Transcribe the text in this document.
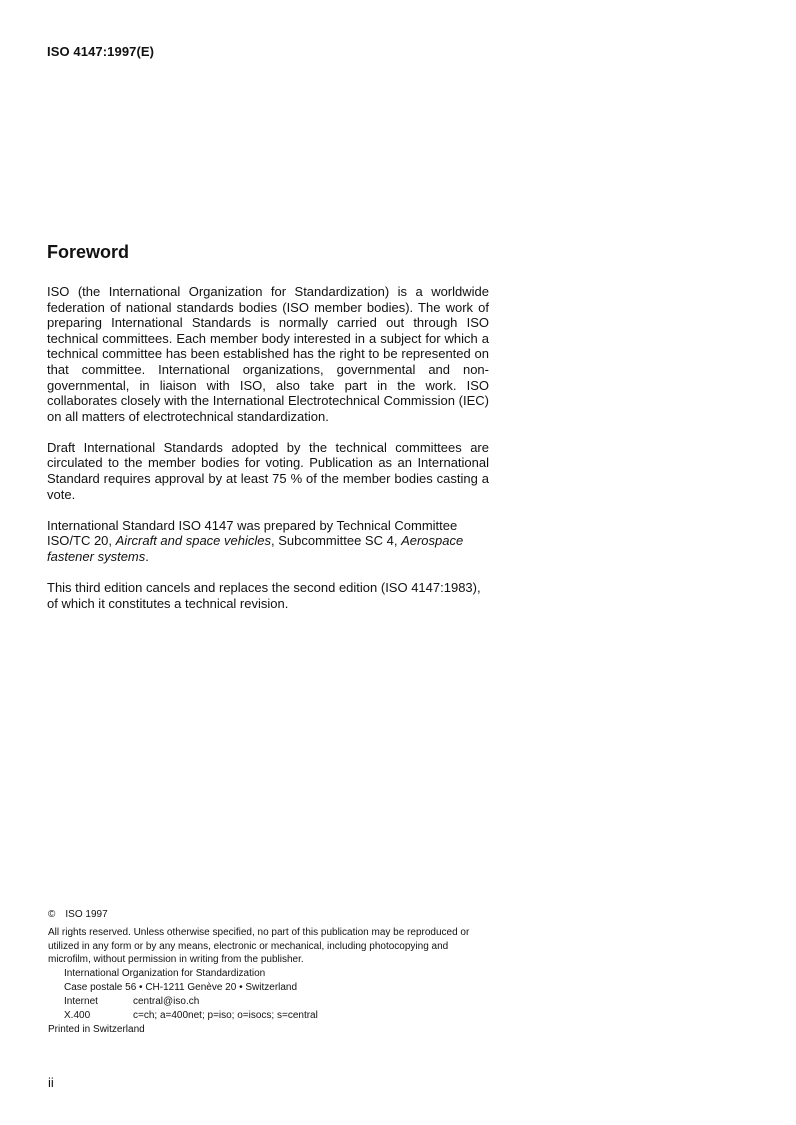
ISO 4147:1997(E)
Foreword

ISO (the International Organization for Standardization) is a worldwide federation of national standards bodies (ISO member bodies). The work of preparing International Standards is normally carried out through ISO technical committees. Each member body interested in a subject for which a technical committee has been established has the right to be represented on that committee. International organizations, governmental and non-governmental, in liaison with ISO, also take part in the work. ISO collaborates closely with the International Electrotechnical Commission (IEC) on all matters of electrotechnical standardization.

Draft International Standards adopted by the technical committees are circulated to the member bodies for voting. Publication as an International Standard requires approval by at least 75 % of the member bodies casting a vote.

International Standard ISO 4147 was prepared by Technical Committee ISO/TC 20, Aircraft and space vehicles, Subcommittee SC 4, Aerospace fastener systems.

This third edition cancels and replaces the second edition (ISO 4147:1983), of which it constitutes a technical revision.

© ISO 1997
All rights reserved. Unless otherwise specified, no part of this publication may be reproduced or utilized in any form or by any means, electronic or mechanical, including photocopying and microfilm, without permission in writing from the publisher.
International Organization for Standardization
Case postale 56 • CH-1211 Genève 20 • Switzerland
Internet	central@iso.ch
X.400	c=ch; a=400net; p=iso; o=isocs; s=central
Printed in Switzerland
ii
